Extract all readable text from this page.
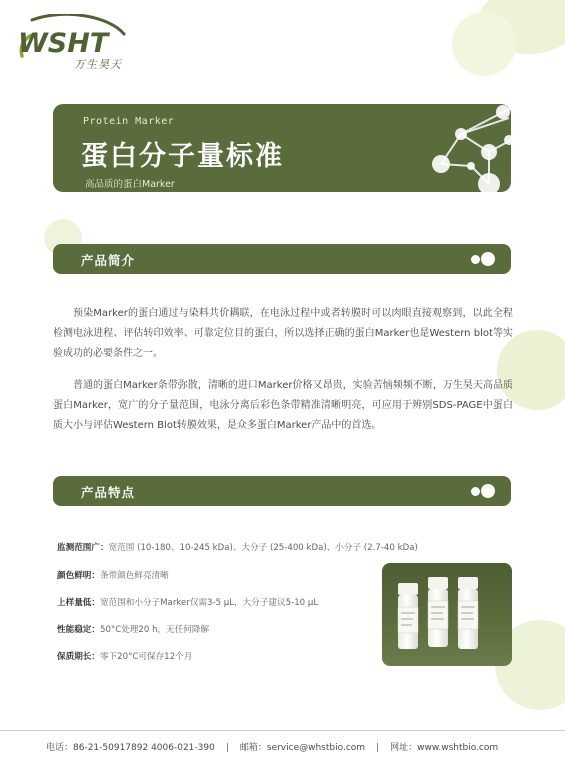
WSHT
万生昊天
Protein Marker
蛋白分子量标准
高品质的蛋白Marker
产品简介

预染Marker的蛋白通过与染料共价耦联，在电泳过程中或者转膜时可以肉眼直接观察到，以此全程检测电泳进程、评估转印效率、可靠定位目的蛋白，所以选择正确的蛋白Marker也是Western blot等实验成功的必要条件之一。

普通的蛋白Marker条带弥散，清晰的进口Marker价格又昂贵，实验苦恼频频不断，万生昊天高品质蛋白Marker，宽广的分子量范围，电泳分离后彩色条带精准清晰明亮，可应用于辨别SDS-PAGE中蛋白质大小与评估Western Blot转膜效果，是众多蛋白Marker产品中的首选。

产品特点
监测范围广：宽范围 (10-180、10-245 kDa)、大分子 (25-400 kDa)、小分子 (2.7-40 kDa)
颜色鲜明：条带颜色鲜亮清晰
上样量低：宽范围和小分子Marker仅需3-5 µL，大分子建议5-10 µL
性能稳定：50°C处理20 h，无任何降解
保质期长：零下20°C可保存12个月
电话：86-21-50917892 4006-021-390 | 邮箱：service@whstbio.com | 网址：www.wshtbio.com
